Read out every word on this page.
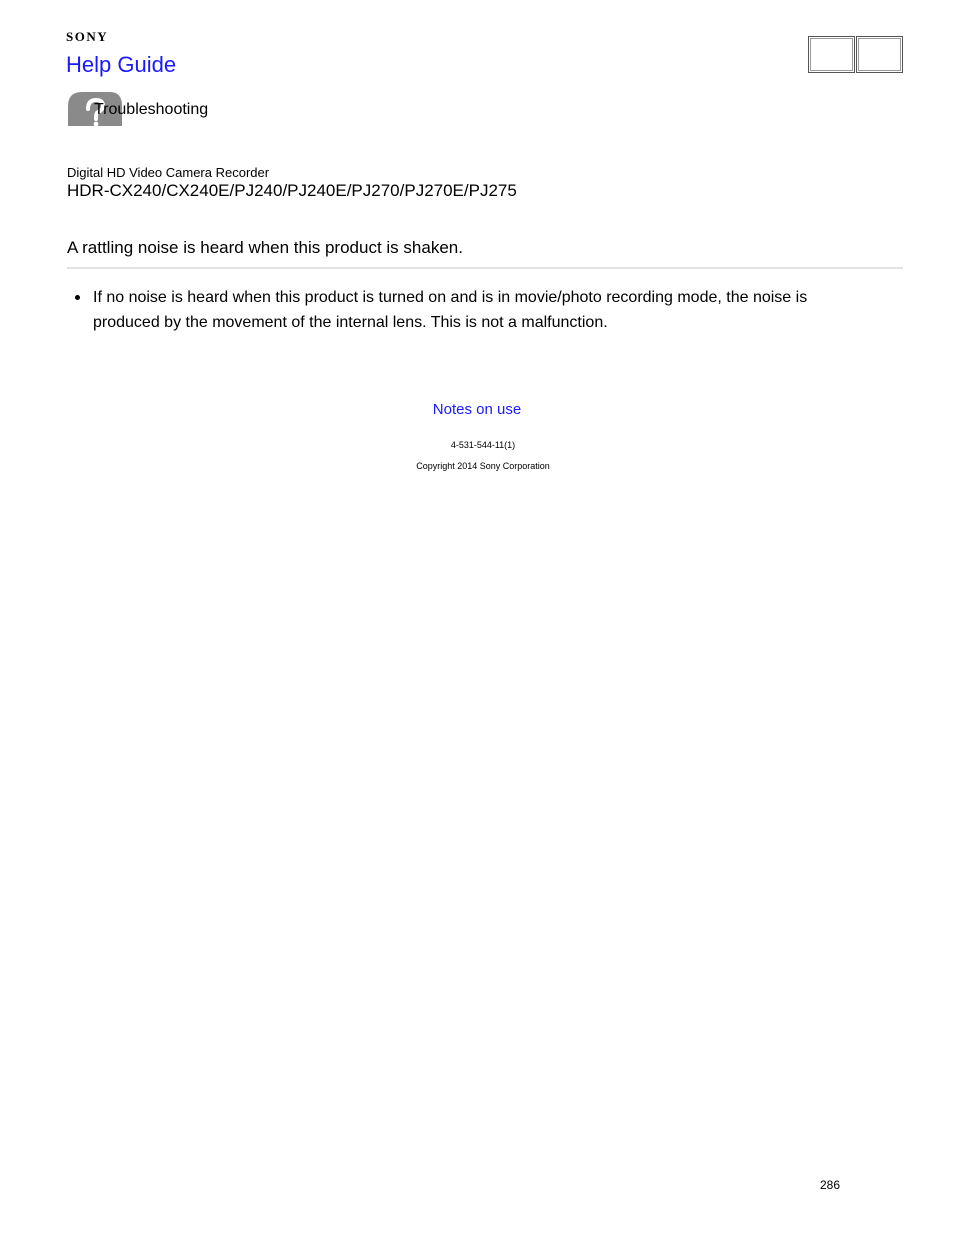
SONY
Help Guide
Troubleshooting
Digital HD Video Camera Recorder
HDR-CX240/CX240E/PJ240/PJ240E/PJ270/PJ270E/PJ275
A rattling noise is heard when this product is shaken.
If no noise is heard when this product is turned on and is in movie/photo recording mode, the noise is produced by the movement of the internal lens. This is not a malfunction.
Notes on use
4-531-544-11(1)
Copyright 2014 Sony Corporation
286
